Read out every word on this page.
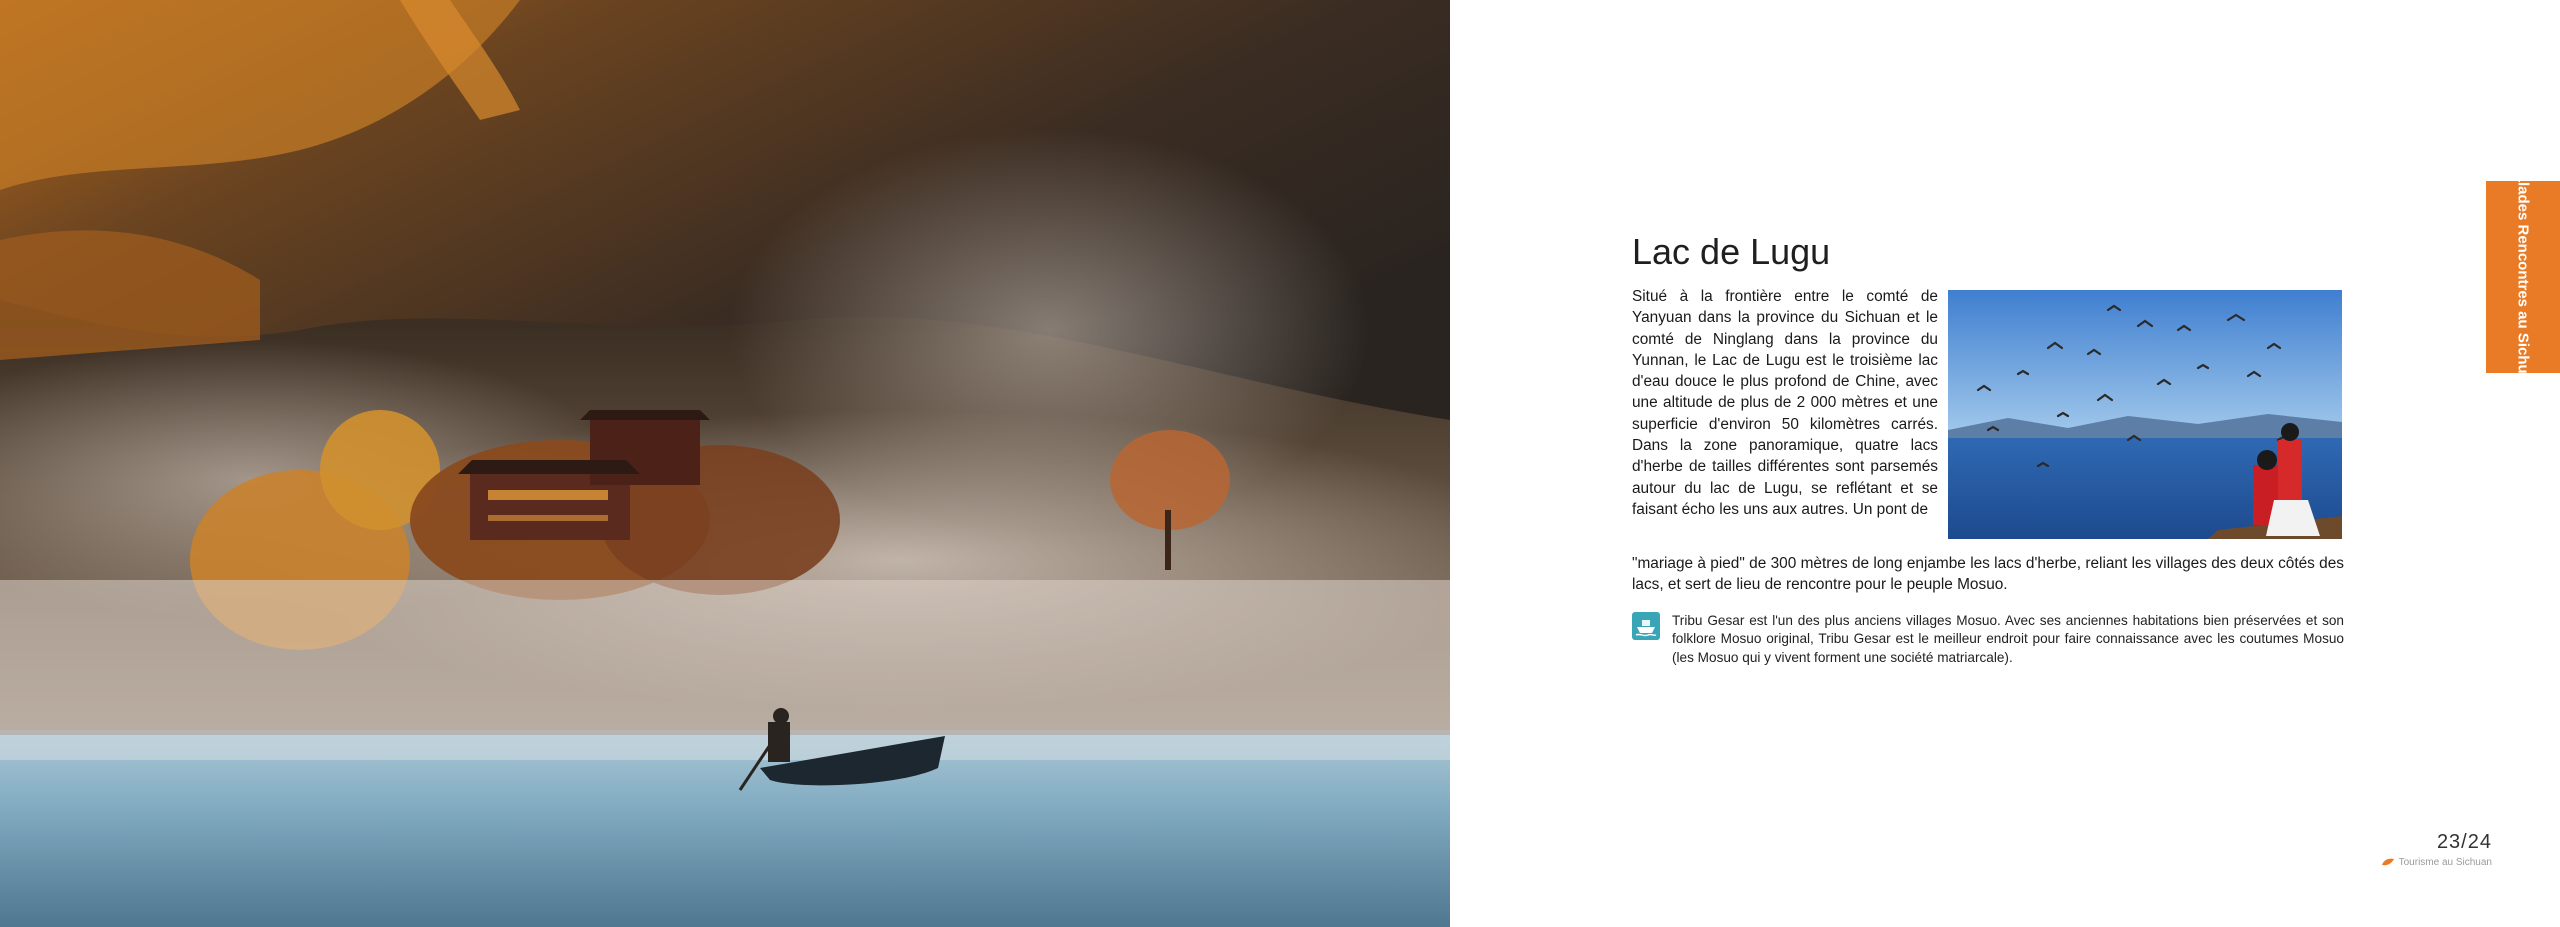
Lac de Lugu

Situé à la frontière entre le comté de Yanyuan dans la province du Sichuan et le comté de Ninglang dans la province du Yunnan, le Lac de Lugu est le troisième lac d'eau douce le plus profond de Chine, avec une altitude de plus de 2 000 mètres et une superficie d'environ 50 kilomètres carrés. Dans la zone panoramique, quatre lacs d'herbe de tailles différentes sont parsemés autour du lac de Lugu, se reflétant et se faisant écho les uns aux autres. Un pont de

"mariage à pied" de 300 mètres de long enjambe les lacs d'herbe, reliant les villages des deux côtés des lacs, et sert de lieu de rencontre pour le peuple Mosuo.

Tribu Gesar est l'un des plus anciens villages Mosuo. Avec ses anciennes habitations bien préservées et son folklore Mosuo original, Tribu Gesar est le meilleur endroit pour faire connaissance avec les coutumes Mosuo (les Mosuo qui y vivent forment une société matriarcale).

Balades Rencontres au Sichuan
23/24
Tourisme au Sichuan
